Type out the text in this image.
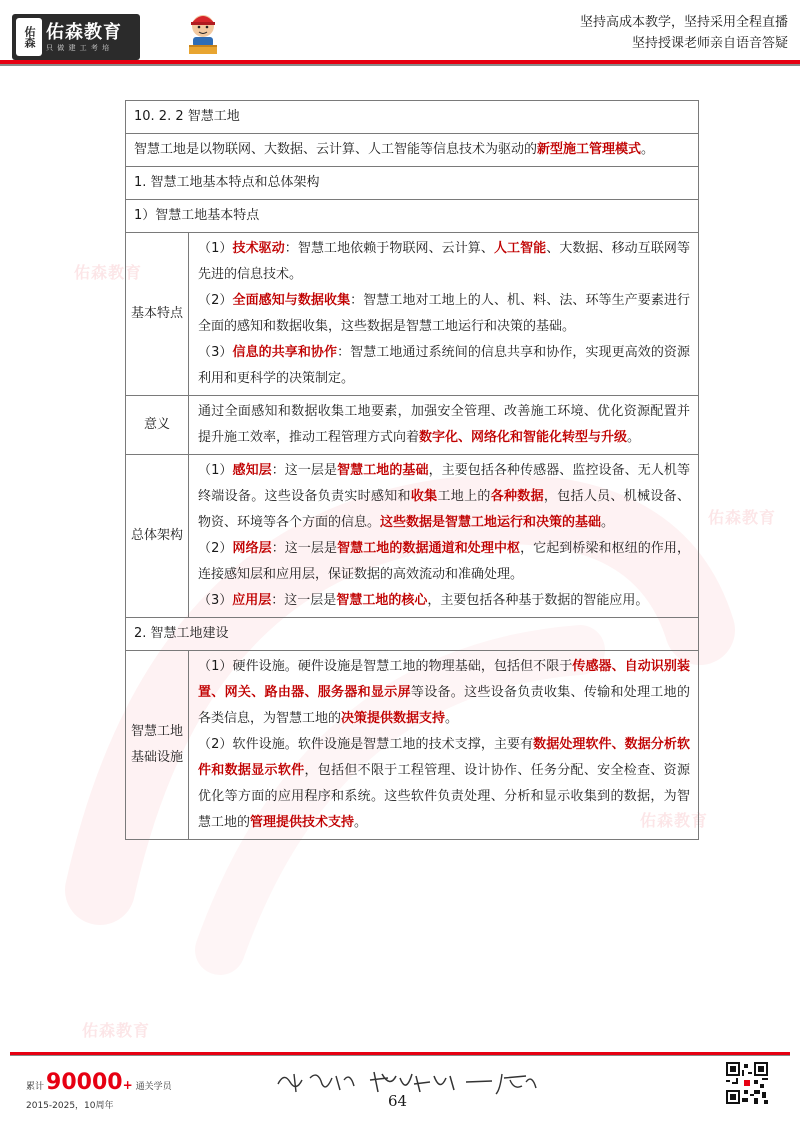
佑森 佑森教育
只 做 建 工 考 培
坚持高成本教学，坚持采用全程直播
坚持授课老师亲自语音答疑
佑森教育
佑森教育
佑森教育
佑森教育
10. 2. 2 智慧工地	
智慧工地是以物联网、大数据、云计算、人工智能等信息技术为驱动的新型施工管理模式。	
1. 智慧工地基本特点和总体架构	
1）智慧工地基本特点	
基本特点	（1）技术驱动：智慧工地依赖于物联网、云计算、人工智能、大数据、移动互联网等先进的信息技术。

（2）全面感知与数据收集：智慧工地对工地上的人、机、料、法、环等生产要素进行全面的感知和数据收集，这些数据是智慧工地运行和决策的基础。

（3）信息的共享和协作：智慧工地通过系统间的信息共享和协作，实现更高效的资源利用和更科学的决策制定。

意义	通过全面感知和数据收集工地要素，加强安全管理、改善施工环境、优化资源配置并提升施工效率，推动工程管理方式向着数字化、网络化和智能化转型与升级。
总体架构	（1）感知层：这一层是智慧工地的基础，主要包括各种传感器、监控设备、无人机等终端设备。这些设备负责实时感知和收集工地上的各种数据，包括人员、机械设备、物资、环境等各个方面的信息。这些数据是智慧工地运行和决策的基础。

（2）网络层：这一层是智慧工地的数据通道和处理中枢，它起到桥梁和枢纽的作用，连接感知层和应用层，保证数据的高效流动和准确处理。

（3）应用层：这一层是智慧工地的核心，主要包括各种基于数据的智能应用。

2. 智慧工地建设	
智慧工地基础设施	（1）硬件设施。硬件设施是智慧工地的物理基础，包括但不限于传感器、自动识别装置、网关、路由器、服务器和显示屏等设备。这些设备负责收集、传输和处理工地的各类信息，为智慧工地的决策提供数据支持。

（2）软件设施。软件设施是智慧工地的技术支撑，主要有数据处理软件、数据分析软件和数据显示软件，包括但不限于工程管理、设计协作、任务分配、安全检查、资源优化等方面的应用程序和系统。这些软件负责处理、分析和显示收集到的数据，为智慧工地的管理提供技术支持。

累计 90000 + 通关学员
2015-2025，10周年	64
